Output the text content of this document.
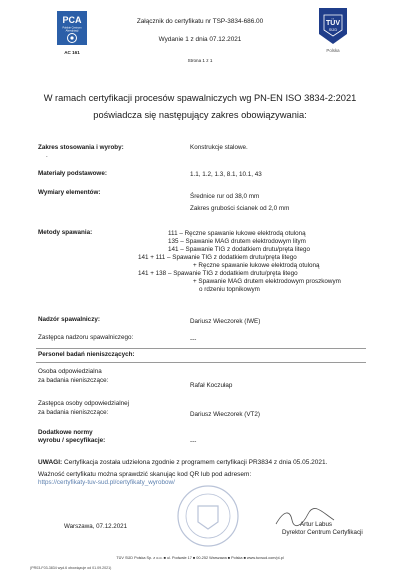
PCA
Polskie Centrum
Akredytacji
AC 161
Załącznik do certyfikatu nr TSP-3834-686.00
Wydanie 1 z dnia 07.12.2021
Strona 1 z 1
TÜV
SÜD
Polska
W ramach certyfikacji procesów spawalniczych wg PN-EN ISO 3834-2:2021
poświadcza się następujący zakres obowiązywania:
Zakres stosowania i wyroby:	Konstrukcje stalowe.
.
Materiały podstawowe:	1.1, 1.2, 1.3, 8.1, 10.1, 43
Wymiary elementów:
Średnice rur od 38,0 mm
Zakres grubości ścianek od 2,0 mm
Metody spawania:	111 – Ręczne spawanie łukowe elektrodą otuloną
135 – Spawanie MAG drutem elektrodowym litym
141 – Spawanie TIG z dodatkiem drutu/pręta litego
141 + 111 – Spawanie TIG z dodatkiem drutu/pręta litego
+ Ręczne spawanie łukowe elektrodą otuloną
141 + 138 – Spawanie TIG z dodatkiem drutu/pręta litego
+ Spawanie MAG drutem elektrodowym proszkowym
o rdzeniu topnikowym
Nadzór spawalniczy:	Dariusz Wieczorek (IWE)
Zastępca nadzoru spawalniczego:	---
Personel badań nieniszczących:
Osoba odpowiedzialna
za badania nieniszczące:
Rafał Koczułap
Zastępca osoby odpowiedzialnej
za badania nieniszczące:	Dariusz Wieczorek (VT2)
Dodatkowe normy
wyrobu / specyfikacje:	---
UWAGI: Certyfikacja została udzielona zgodnie z programem certyfikacji PR3834 z dnia 05.05.2021.
Ważność certyfikatu można sprawdzić skanując kod QR lub pod adresem:
https://certyfikaty-tuv-sud.pl/certyfikaty_wyrobow/
Warszawa, 07.12.2021	Artur Labus
Dyrektor Centrum Certyfikacji
TÜV SÜD Polska Sp. z o.o. ■ ul. Podwale 17 ■ 00-252 Warszawa ■ Polska ■ www.tuvsud.com/pl-pl
(PR03-F03-3834 wyd.6 obowiązuje od 01.09.2021)
